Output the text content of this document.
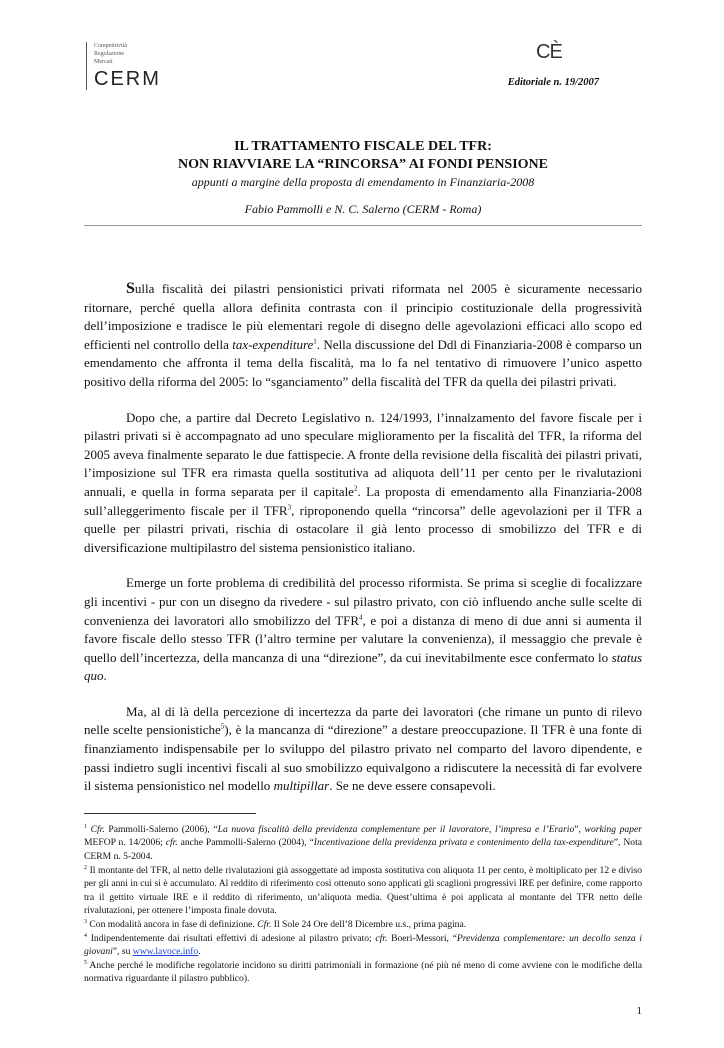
Competitività
Regolazione
Mercati
CERM
CÈ
Editoriale n. 19/2007
IL TRATTAMENTO FISCALE DEL TFR:
NON RIAVVIARE LA “RINCORSA” AI FONDI PENSIONE
appunti a margine della proposta di emendamento in Finanziaria-2008
Fabio Pammolli e N. C. Salerno (CERM - Roma)

Sulla fiscalità dei pilastri pensionistici privati riformata nel 2005 è sicuramente necessario ritornare, perché quella allora definita contrasta con il principio costituzionale della progressività dell’imposizione e tradisce le più elementari regole di disegno delle agevolazioni efficaci allo scopo ed efficienti nel controllo della tax-expenditure$^1$. Nella discussione del Ddl di Finanziaria-2008 è comparso un emendamento che affronta il tema della fiscalità, ma lo fa nel tentativo di rimuovere l’unico aspetto positivo della riforma del 2005: lo “sganciamento” della fiscalità del TFR da quella dei pilastri privati.

Dopo che, a partire dal Decreto Legislativo n. 124/1993, l’innalzamento del favore fiscale per i pilastri privati si è accompagnato ad uno speculare miglioramento per la fiscalità del TFR, la riforma del 2005 aveva finalmente separato le due fattispecie. A fronte della revisione della fiscalità dei pilastri privati, l’imposizione sul TFR era rimasta quella sostitutiva ad aliquota dell’11 per cento per le rivalutazioni annuali, e quella in forma separata per il capitale$^2$. La proposta di emendamento alla Finanziaria-2008 sull’alleggerimento fiscale per il TFR$^3$, riproponendo quella “rincorsa” delle agevolazioni per il TFR a quelle per pilastri privati, rischia di ostacolare il già lento processo di smobilizzo del TFR e di diversificazione multipilastro del sistema pensionistico italiano.

Emerge un forte problema di credibilità del processo riformista. Se prima si sceglie di focalizzare gli incentivi - pur con un disegno da rivedere - sul pilastro privato, con ciò influendo anche sulle scelte di convenienza dei lavoratori allo smobilizzo del TFR$^4$, e poi a distanza di meno di due anni si aumenta il favore fiscale dello stesso TFR (l’altro termine per valutare la convenienza), il messaggio che prevale è quello dell’incertezza, della mancanza di una “direzione”, da cui inevitabilmente esce confermato lo status quo.

Ma, al di là della percezione di incertezza da parte dei lavoratori (che rimane un punto di rilevo nelle scelte pensionistiche$^5$), è la mancanza di “direzione” a destare preoccupazione. Il TFR è una fonte di finanziamento indispensabile per lo sviluppo del pilastro privato nel comparto del lavoro dipendente, e passi indietro sugli incentivi fiscali al suo smobilizzo equivalgono a ridiscutere la necessità di far evolvere il sistema pensionistico nel modello multipillar. Se ne deve essere consapevoli.

$^1$ Cfr. Pammolli-Salerno (2006), “La nuova fiscalità della previdenza complementare per il lavoratore, l’impresa e l’Erario”, working paper MEFOP n. 14/2006; cfr. anche Pammolli-Salerno (2004), “Incentivazione della previdenza privata e contenimento della tax-expenditure”, Nota CERM n. 5-2004.

$^2$ Il montante del TFR, al netto delle rivalutazioni già assoggettate ad imposta sostitutiva con aliquota 11 per cento, è moltiplicato per 12 e diviso per gli anni in cui si è accumulato. Al reddito di riferimento così ottenuto sono applicati gli scaglioni progressivi IRE per definire, come rapporto tra il gettito virtuale IRE e il reddito di riferimento, un’aliquota media. Quest’ultima è poi applicata al montante del TFR netto delle rivalutazioni, per ottenere l’imposta finale dovuta.

$^3$ Con modalità ancora in fase di definizione. Cfr. Il Sole 24 Ore dell’8 Dicembre u.s., prima pagina.

$^4$ Indipendentemente dai risultati effettivi di adesione al pilastro privato; cfr. Boeri-Messori, “Previdenza complementare: un decollo senza i giovani”, su www.lavoce.info.

$^5$ Anche perché le modifiche regolatorie incidono su diritti patrimoniali in formazione (né più né meno di come avviene con le modifiche della normativa riguardante il pilastro pubblico).

1
